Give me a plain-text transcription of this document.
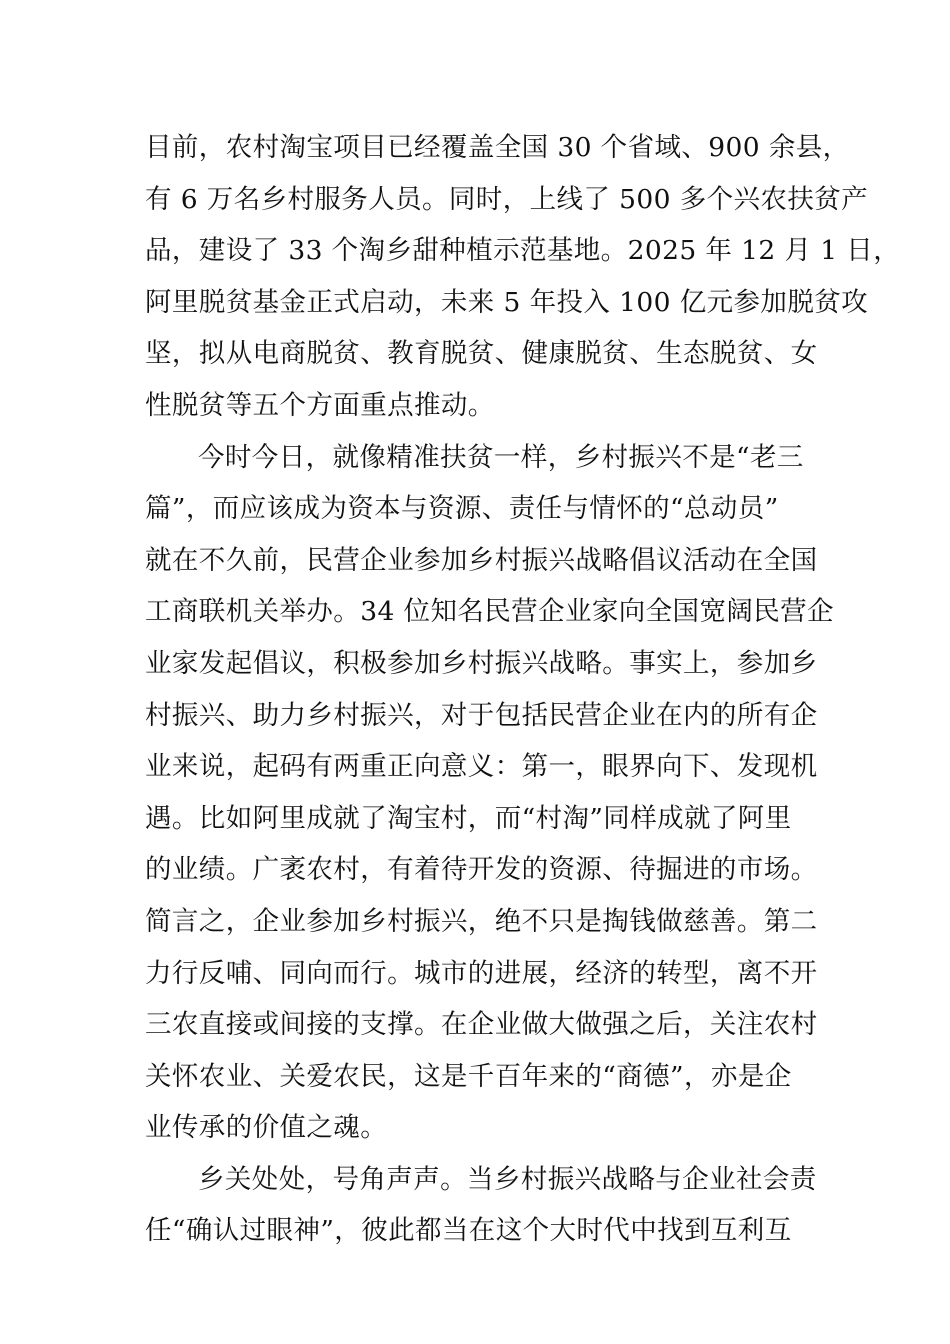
目前，农村淘宝项目已经覆盖全国 30 个省域、900 余县，
有 6 万名乡村服务人员。同时，上线了 500 多个兴农扶贫产
品，建设了 33 个淘乡甜种植示范基地。2025 年 12 月 1 日，
阿里脱贫基金正式启动，未来 5 年投入 100 亿元参加脱贫攻
坚，拟从电商脱贫、教育脱贫、健康脱贫、生态脱贫、女
性脱贫等五个方面重点推动。
今时今日，就像精准扶贫一样，乡村振兴不是“老三
篇”，而应该成为资本与资源、责任与情怀的“总动员”
就在不久前，民营企业参加乡村振兴战略倡议活动在全国
工商联机关举办。34 位知名民营企业家向全国宽阔民营企
业家发起倡议，积极参加乡村振兴战略。事实上，参加乡
村振兴、助力乡村振兴，对于包括民营企业在内的所有企
业来说，起码有两重正向意义：第一，眼界向下、发现机
遇。比如阿里成就了淘宝村，而“村淘”同样成就了阿里
的业绩。广袤农村，有着待开发的资源、待掘进的市场。
简言之，企业参加乡村振兴，绝不只是掏钱做慈善。第二
力行反哺、同向而行。城市的进展，经济的转型，离不开
三农直接或间接的支撑。在企业做大做强之后，关注农村
关怀农业、关爱农民，这是千百年来的“商德”，亦是企
业传承的价值之魂。
乡关处处，号角声声。当乡村振兴战略与企业社会责
任“确认过眼神”，彼此都当在这个大时代中找到互利互
